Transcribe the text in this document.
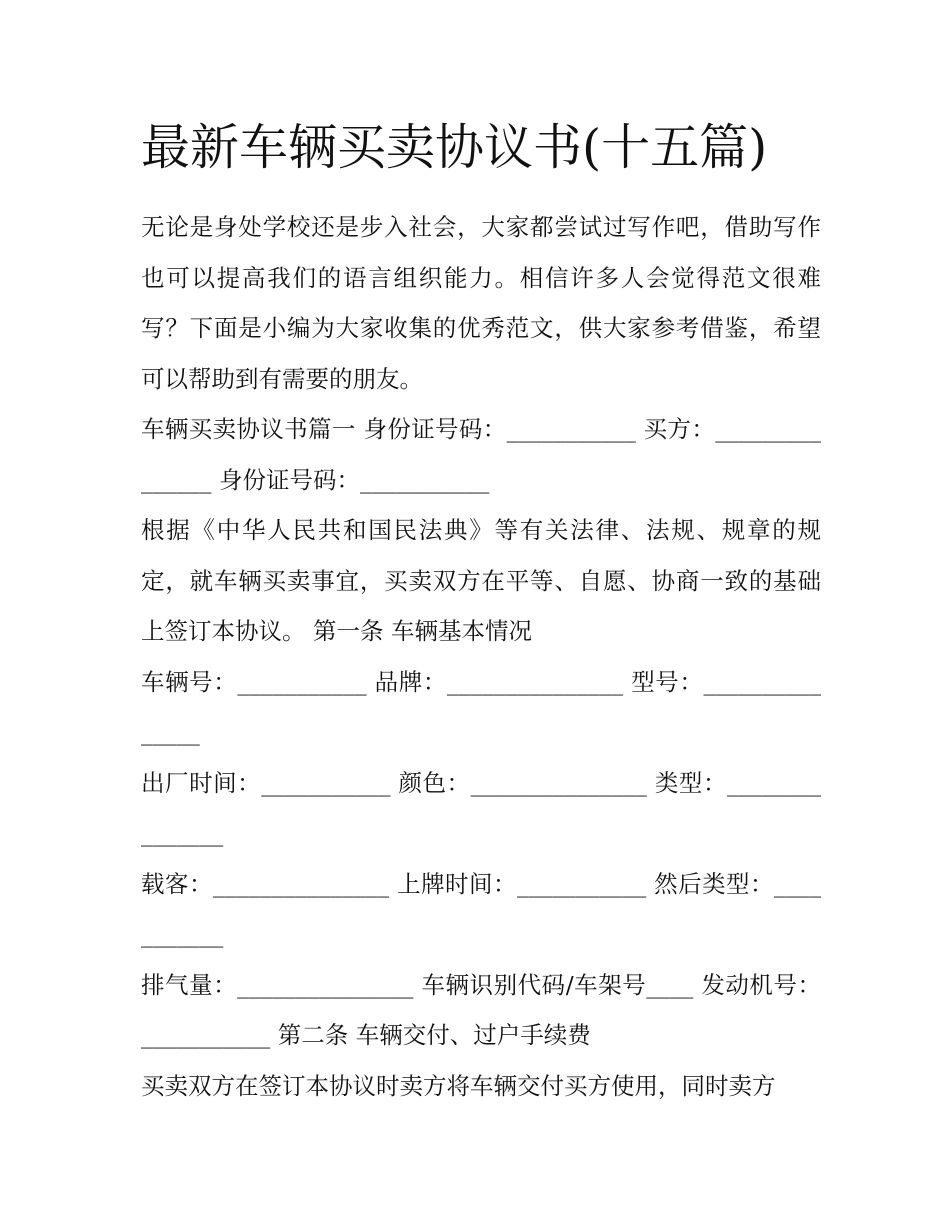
最新车辆买卖协议书(十五篇)

无论是身处学校还是步入社会，大家都尝试过写作吧，借助写作也可以提高我们的语言组织能力。相信许多人会觉得范文很难写？下面是小编为大家收集的优秀范文，供大家参考借鉴，希望可以帮助到有需要的朋友。

车辆买卖协议书篇一 身份证号码：___________ 买方：_______________ 身份证号码：___________

根据《中华人民共和国民法典》等有关法律、法规、规章的规定，就车辆买卖事宜，买卖双方在平等、自愿、协商一致的基础上签订本协议。 第一条 车辆基本情况

车辆号：___________ 品牌：_______________ 型号：_______________

出厂时间：___________ 颜色：_______________ 类型：_______________

载客：_______________ 上牌时间：___________ 然后类型：___________

排气量：_______________ 车辆识别代码/车架号____ 发动机号：___________ 第二条 车辆交付、过户手续费

买卖双方在签订本协议时卖方将车辆交付买方使用，同时卖方
